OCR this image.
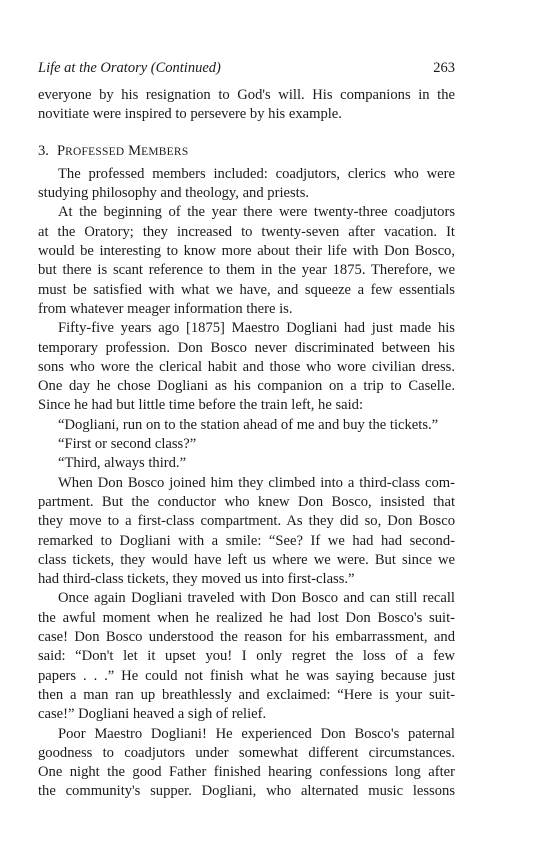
Life at the Oratory (Continued)	263
everyone by his resignation to God's will. His companions in the
novitiate were inspired to persevere by his example.
3. PROFESSED MEMBERS
The professed members included: coadjutors, clerics who were
studying philosophy and theology, and priests.
At the beginning of the year there were twenty-three coadjutors
at the Oratory; they increased to twenty-seven after vacation. It
would be interesting to know more about their life with Don Bosco,
but there is scant reference to them in the year 1875. Therefore, we
must be satisfied with what we have, and squeeze a few essentials
from whatever meager information there is.
Fifty-five years ago [1875] Maestro Dogliani had just made his
temporary profession. Don Bosco never discriminated between his
sons who wore the clerical habit and those who wore civilian dress.
One day he chose Dogliani as his companion on a trip to Caselle.
Since he had but little time before the train left, he said:
“Dogliani, run on to the station ahead of me and buy the tickets.”
“First or second class?”
“Third, always third.”
When Don Bosco joined him they climbed into a third-class com-
partment. But the conductor who knew Don Bosco, insisted that
they move to a first-class compartment. As they did so, Don Bosco
remarked to Dogliani with a smile: “See? If we had had second-
class tickets, they would have left us where we were. But since we
had third-class tickets, they moved us into first-class.”
Once again Dogliani traveled with Don Bosco and can still recall
the awful moment when he realized he had lost Don Bosco's suit-
case! Don Bosco understood the reason for his embarrassment, and
said: “Don't let it upset you! I only regret the loss of a few
papers . . .” He could not finish what he was saying because just
then a man ran up breathlessly and exclaimed: “Here is your suit-
case!” Dogliani heaved a sigh of relief.
Poor Maestro Dogliani! He experienced Don Bosco's paternal
goodness to coadjutors under somewhat different circumstances.
One night the good Father finished hearing confessions long after
the community's supper. Dogliani, who alternated music lessons
